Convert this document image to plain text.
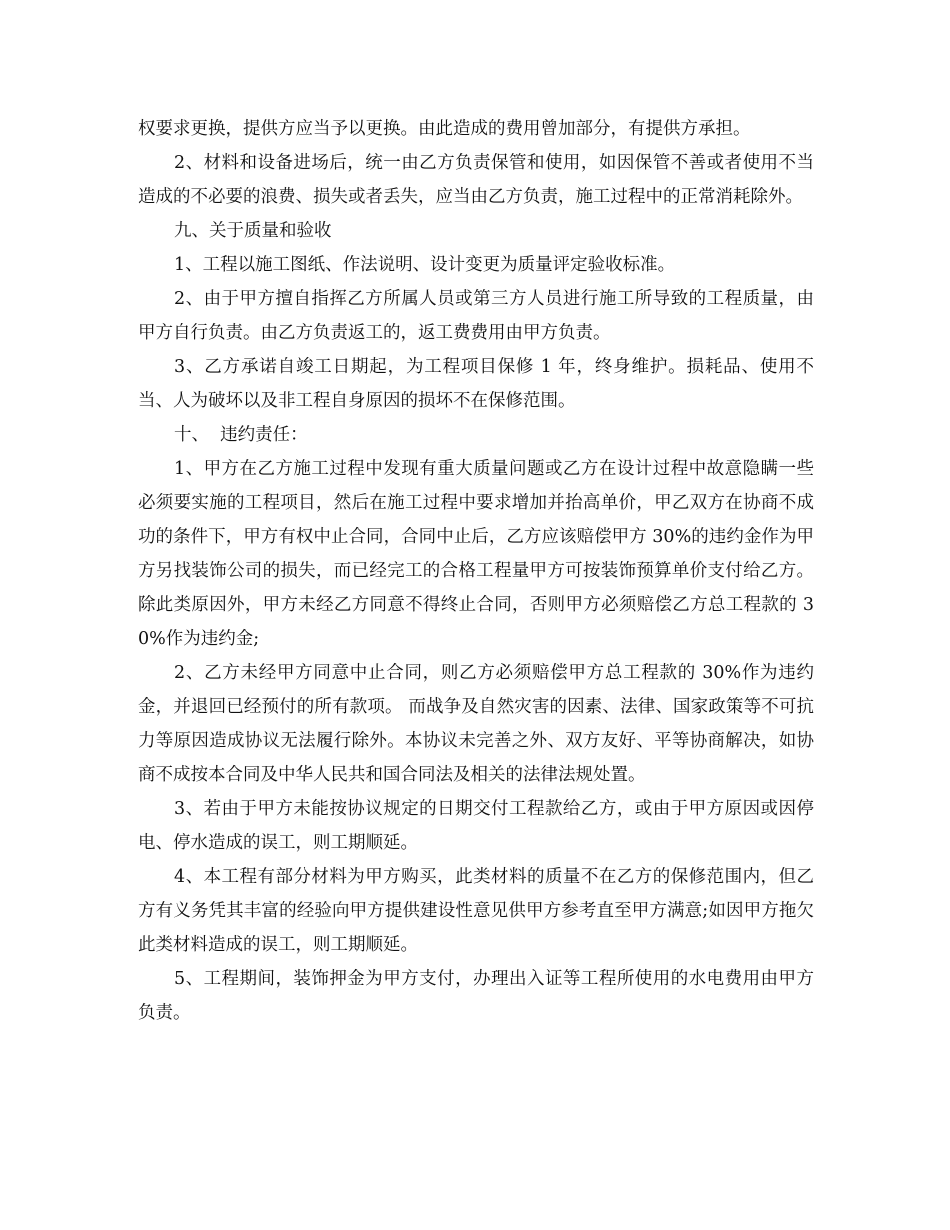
权要求更换，提供方应当予以更换。由此造成的费用曾加部分，有提供方承担。

2、材料和设备进场后，统一由乙方负责保管和使用，如因保管不善或者使用不当造成的不必要的浪费、损失或者丢失，应当由乙方负责，施工过程中的正常消耗除外。

九、关于质量和验收

1、工程以施工图纸、作法说明、设计变更为质量评定验收标准。

2、由于甲方擅自指挥乙方所属人员或第三方人员进行施工所导致的工程质量，由甲方自行负责。由乙方负责返工的，返工费费用由甲方负责。

3、乙方承诺自竣工日期起，为工程项目保修 1 年，终身维护。损耗品、使用不当、人为破坏以及非工程自身原因的损坏不在保修范围。

十、  违约责任：

1、甲方在乙方施工过程中发现有重大质量问题或乙方在设计过程中故意隐瞒一些必须要实施的工程项目，然后在施工过程中要求增加并抬高单价，甲乙双方在协商不成功的条件下，甲方有权中止合同，合同中止后，乙方应该赔偿甲方 30%的违约金作为甲方另找装饰公司的损失，而已经完工的合格工程量甲方可按装饰预算单价支付给乙方。除此类原因外，甲方未经乙方同意不得终止合同，否则甲方必须赔偿乙方总工程款的 30%作为违约金;

2、乙方未经甲方同意中止合同，则乙方必须赔偿甲方总工程款的 30%作为违约金，并退回已经预付的所有款项。 而战争及自然灾害的因素、法律、国家政策等不可抗力等原因造成协议无法履行除外。本协议未完善之外、双方友好、平等协商解决，如协商不成按本合同及中华人民共和国合同法及相关的法律法规处置。

3、若由于甲方未能按协议规定的日期交付工程款给乙方，或由于甲方原因或因停电、停水造成的误工，则工期顺延。

4、本工程有部分材料为甲方购买，此类材料的质量不在乙方的保修范围内，但乙方有义务凭其丰富的经验向甲方提供建设性意见供甲方参考直至甲方满意;如因甲方拖欠此类材料造成的误工，则工期顺延。

5、工程期间，装饰押金为甲方支付，办理出入证等工程所使用的水电费用由甲方负责。
